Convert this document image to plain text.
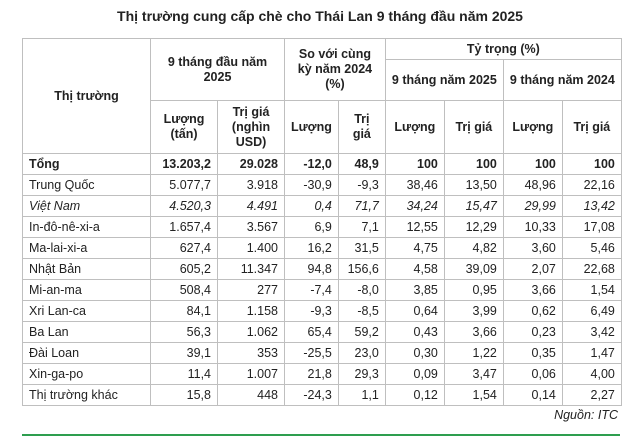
Thị trường cung cấp chè cho Thái Lan 9 tháng đầu năm 2025
Thị trường	9 tháng đầu năm 2025		So với cùng kỳ năm 2024 (%)		Tỷ trọng (%)			
					9 tháng năm 2025		9 tháng năm 2024	
	Lượng (tấn)	Trị giá (nghìn USD)	Lượng	Trị giá	Lượng	Trị giá	Lượng	Trị giá
Tổng	13.203,2	29.028	-12,0	48,9	100	100	100	100
Trung Quốc	5.077,7	3.918	-30,9	-9,3	38,46	13,50	48,96	22,16
Việt Nam	4.520,3	4.491	0,4	71,7	34,24	15,47	29,99	13,42
In-đô-nê-xi-a	1.657,4	3.567	6,9	7,1	12,55	12,29	10,33	17,08
Ma-lai-xi-a	627,4	1.400	16,2	31,5	4,75	4,82	3,60	5,46
Nhật Bản	605,2	11.347	94,8	156,6	4,58	39,09	2,07	22,68
Mi-an-ma	508,4	277	-7,4	-8,0	3,85	0,95	3,66	1,54
Xri Lan-ca	84,1	1.158	-9,3	-8,5	0,64	3,99	0,62	6,49
Ba Lan	56,3	1.062	65,4	59,2	0,43	3,66	0,23	3,42
Đài Loan	39,1	353	-25,5	23,0	0,30	1,22	0,35	1,47
Xin-ga-po	11,4	1.007	21,8	29,3	0,09	3,47	0,06	4,00
Thị trường khác	15,8	448	-24,3	1,1	0,12	1,54	0,14	2,27
Nguồn: ITC
